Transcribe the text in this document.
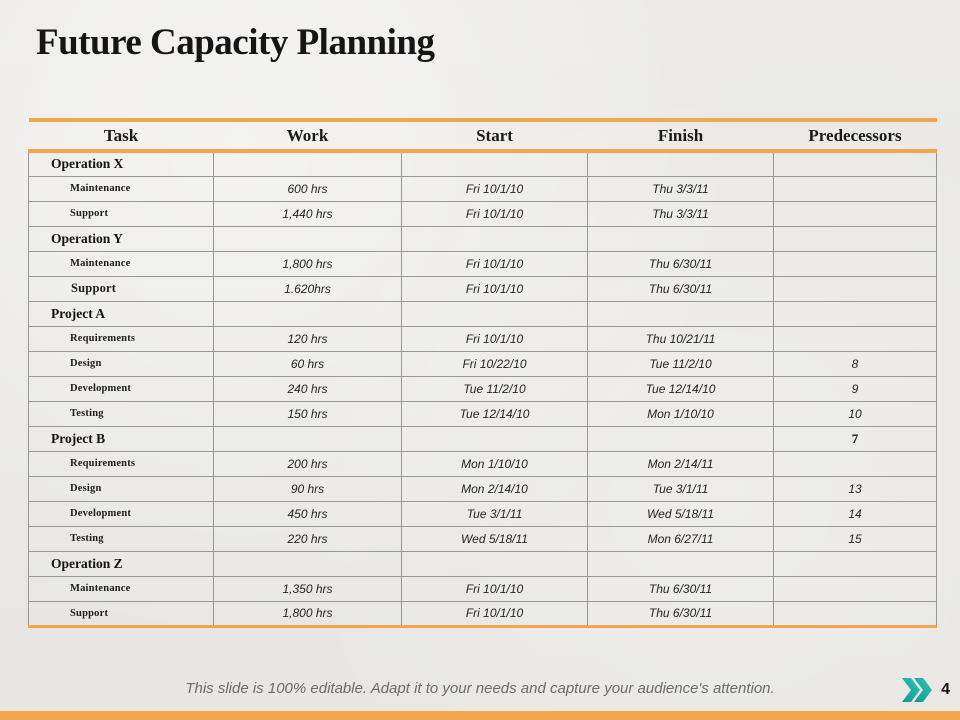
Future Capacity Planning
Task	Work	Start	Finish	Predecessors
Operation X				
Maintenance	600 hrs	Fri 10/1/10	Thu 3/3/11	
Support	1,440 hrs	Fri 10/1/10	Thu 3/3/11	
Operation Y				
Maintenance	1,800 hrs	Fri 10/1/10	Thu 6/30/11	
Support	1.620hrs	Fri 10/1/10	Thu 6/30/11	
Project A				
Requirements	120 hrs	Fri 10/1/10	Thu 10/21/11	
Design	60 hrs	Fri 10/22/10	Tue 11/2/10	8
Development	240 hrs	Tue 11/2/10	Tue 12/14/10	9
Testing	150 hrs	Tue 12/14/10	Mon 1/10/10	10
Project B				7
Requirements	200 hrs	Mon 1/10/10	Mon 2/14/11	
Design	90 hrs	Mon 2/14/10	Tue 3/1/11	13
Development	450 hrs	Tue 3/1/11	Wed 5/18/11	14
Testing	220 hrs	Wed 5/18/11	Mon 6/27/11	15
Operation Z				
Maintenance	1,350 hrs	Fri 10/1/10	Thu 6/30/11	
Support	1,800 hrs	Fri 10/1/10	Thu 6/30/11	
This slide is 100% editable. Adapt it to your needs and capture your audience's attention.	4
